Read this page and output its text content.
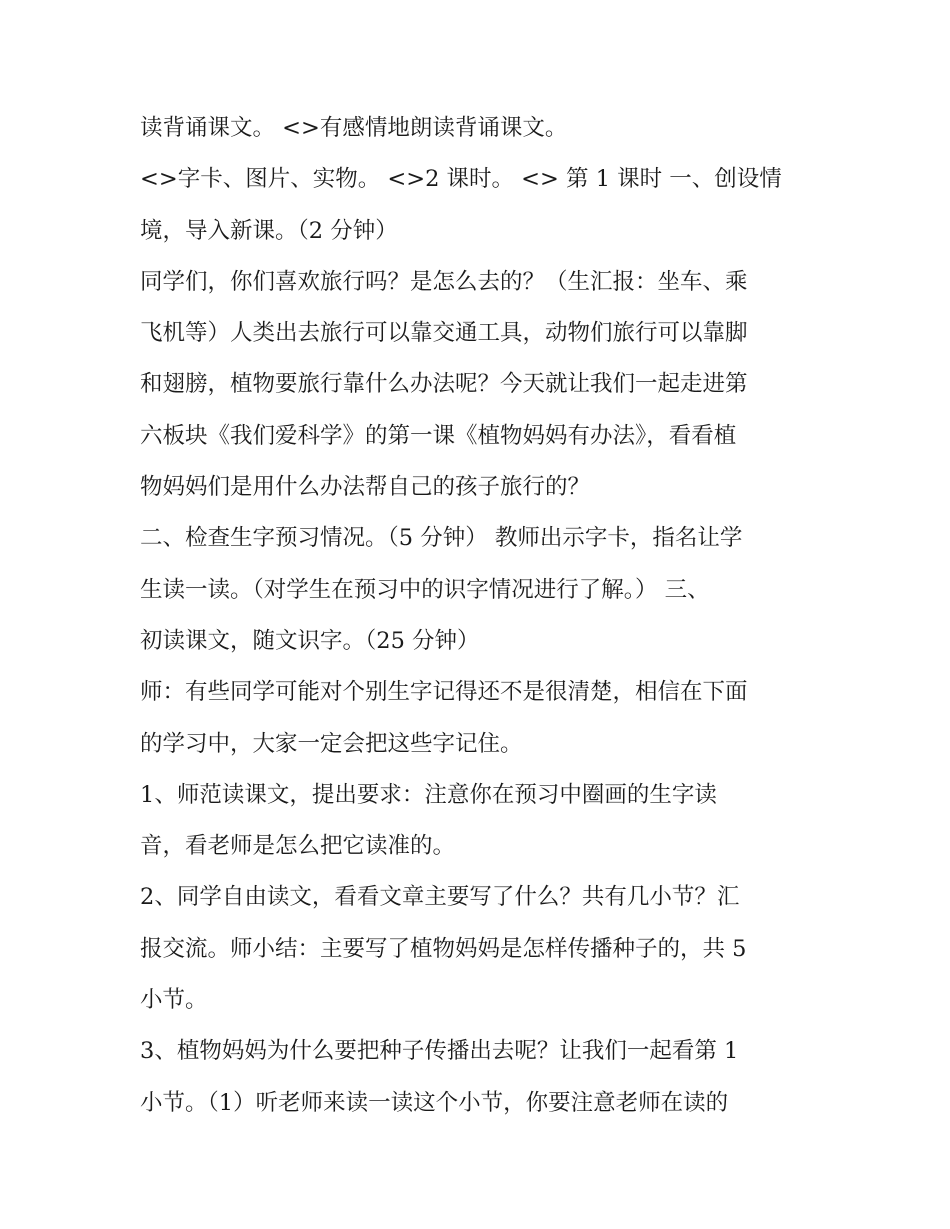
读背诵课文。 <>有感情地朗读背诵课文。
<>字卡、图片、实物。 <>2 课时。 <> 第 1 课时 一、创设情
境，导入新课。（2 分钟）
同学们，你们喜欢旅行吗？是怎么去的？（生汇报：坐车、乘
飞机等）人类出去旅行可以靠交通工具，动物们旅行可以靠脚
和翅膀，植物要旅行靠什么办法呢？今天就让我们一起走进第
六板块《我们爱科学》的第一课《植物妈妈有办法》，看看植
物妈妈们是用什么办法帮自己的孩子旅行的？
二、检查生字预习情况。（5 分钟） 教师出示字卡，指名让学
生读一读。（对学生在预习中的识字情况进行了解。） 三、
初读课文，随文识字。（25 分钟）
师：有些同学可能对个别生字记得还不是很清楚，相信在下面
的学习中，大家一定会把这些字记住。
1、师范读课文，提出要求：注意你在预习中圈画的生字读
音，看老师是怎么把它读准的。
2、同学自由读文，看看文章主要写了什么？共有几小节？汇
报交流。师小结：主要写了植物妈妈是怎样传播种子的，共 5
小节。
3、植物妈妈为什么要把种子传播出去呢？让我们一起看第 1
小节。（1）听老师来读一读这个小节，你要注意老师在读的
